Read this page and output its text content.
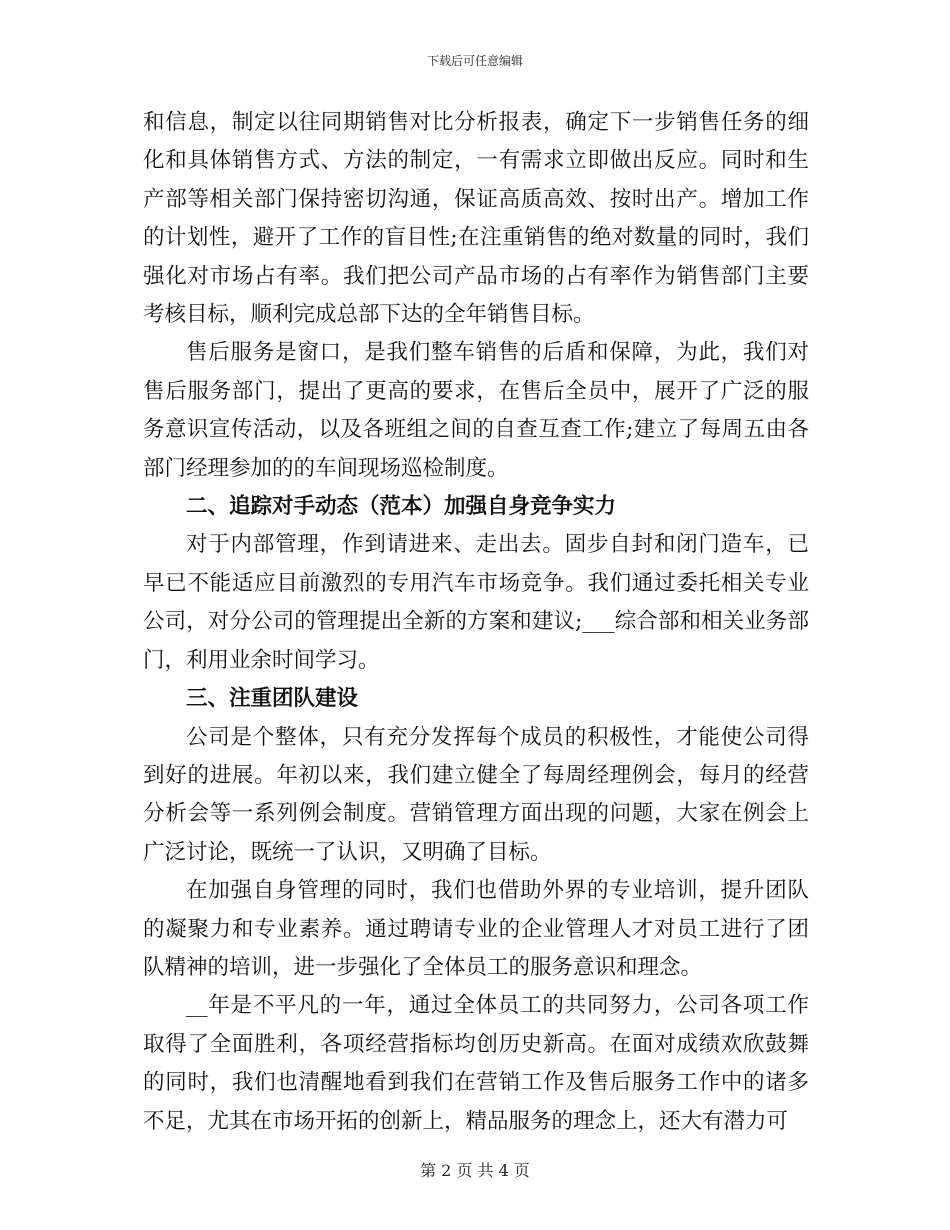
下载后可任意编辑

和信息，制定以往同期销售对比分析报表，确定下一步销售任务的细化和具体销售方式、方法的制定，一有需求立即做出反应。同时和生产部等相关部门保持密切沟通，保证高质高效、按时出产。增加工作的计划性，避开了工作的盲目性;在注重销售的绝对数量的同时，我们强化对市场占有率。我们把公司产品市场的占有率作为销售部门主要考核目标，顺利完成总部下达的全年销售目标。

售后服务是窗口，是我们整车销售的后盾和保障，为此，我们对售后服务部门，提出了更高的要求，在售后全员中，展开了广泛的服务意识宣传活动，以及各班组之间的自查互查工作;建立了每周五由各部门经理参加的的车间现场巡检制度。

二、追踪对手动态（范本）加强自身竞争实力

对于内部管理，作到请进来、走出去。固步自封和闭门造车，已早已不能适应目前激烈的专用汽车市场竞争。我们通过委托相关专业公司，对分公司的管理提出全新的方案和建议;___综合部和相关业务部门，利用业余时间学习。

三、注重团队建设

公司是个整体，只有充分发挥每个成员的积极性，才能使公司得到好的进展。年初以来，我们建立健全了每周经理例会，每月的经营分析会等一系列例会制度。营销管理方面出现的问题，大家在例会上广泛讨论，既统一了认识，又明确了目标。

在加强自身管理的同时，我们也借助外界的专业培训，提升团队的凝聚力和专业素养。通过聘请专业的企业管理人才对员工进行了团队精神的培训，进一步强化了全体员工的服务意识和理念。

__年是不平凡的一年，通过全体员工的共同努力，公司各项工作取得了全面胜利，各项经营指标均创历史新高。在面对成绩欢欣鼓舞的同时，我们也清醒地看到我们在营销工作及售后服务工作中的诸多不足，尤其在市场开拓的创新上，精品服务的理念上，还大有潜力可

第 2 页 共 4 页
